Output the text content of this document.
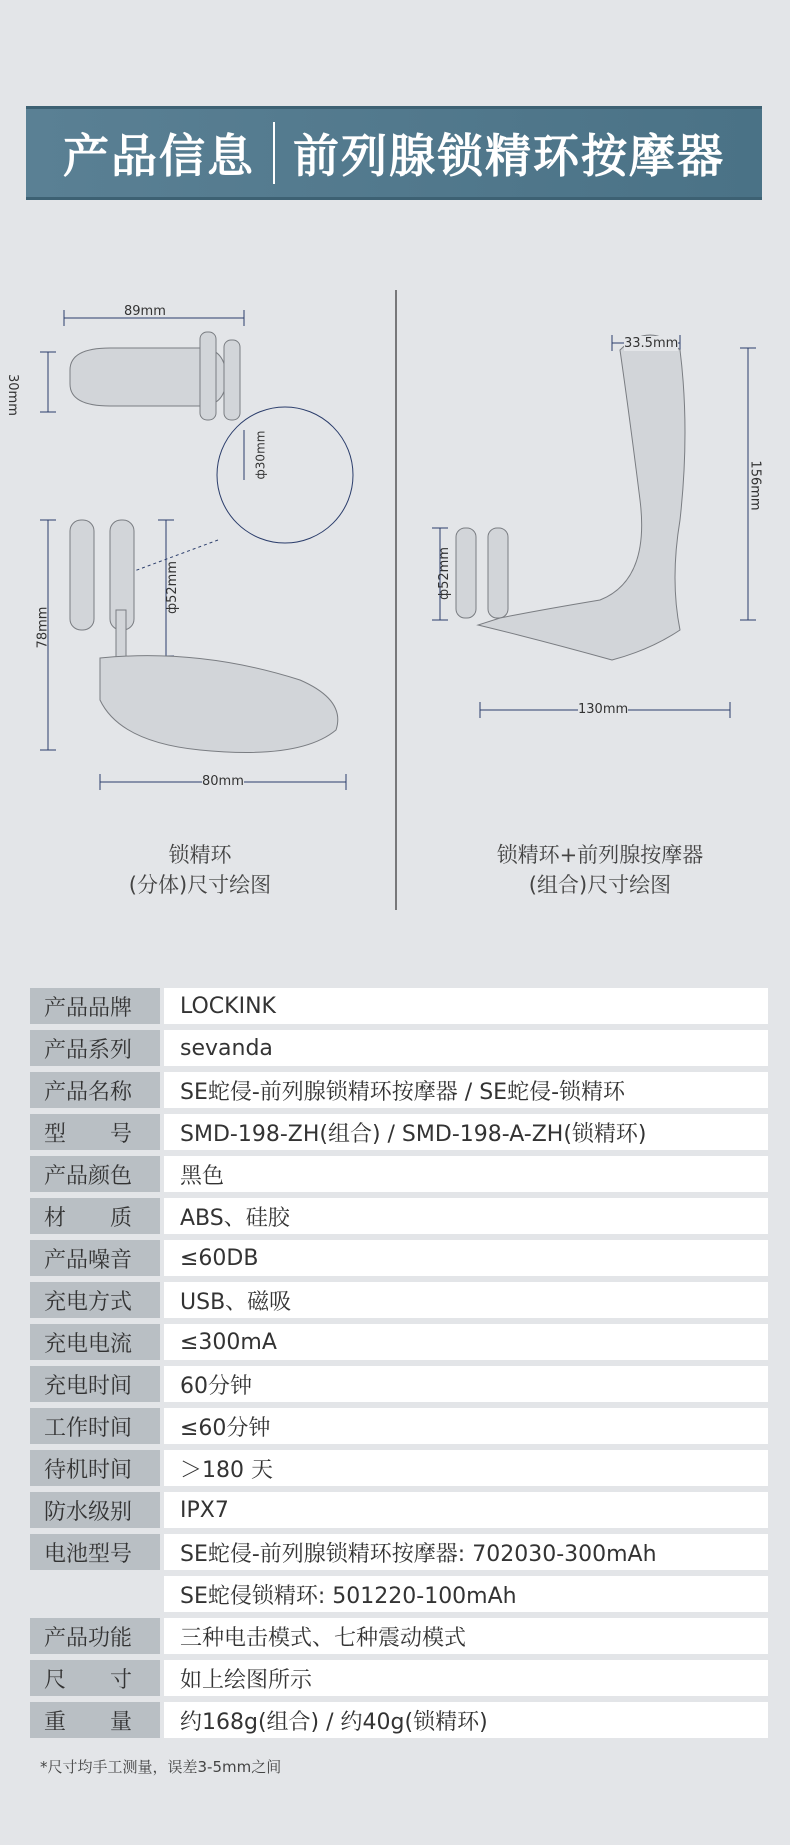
产品信息 前列腺锁精环按摩器
锁精环
(分体)尺寸绘图
锁精环+前列腺按摩器
(组合)尺寸绘图
89mm
30mm
ф30mm
78mm
ф52mm
80mm
33.5mm
156mm
ф52mm
130mm
产品品牌	LOCKINK
产品系列	sevanda
产品名称	SE蛇侵-前列腺锁精环按摩器 / SE蛇侵-锁精环
型　　号	SMD-198-ZH(组合) / SMD-198-A-ZH(锁精环)
产品颜色	黑色
材　　质	ABS、硅胶
产品噪音	≤60DB
充电方式	USB、磁吸
充电电流	≤300mA
充电时间	60分钟
工作时间	≤60分钟
待机时间	＞180 天
防水级别	IPX7
电池型号	SE蛇侵-前列腺锁精环按摩器: 702030-300mAh
SE蛇侵锁精环: 501220-100mAh
产品功能	三种电击模式、七种震动模式
尺　　寸	如上绘图所示
重　　量	约168g(组合) / 约40g(锁精环)
*尺寸均手工测量，误差3-5mm之间
